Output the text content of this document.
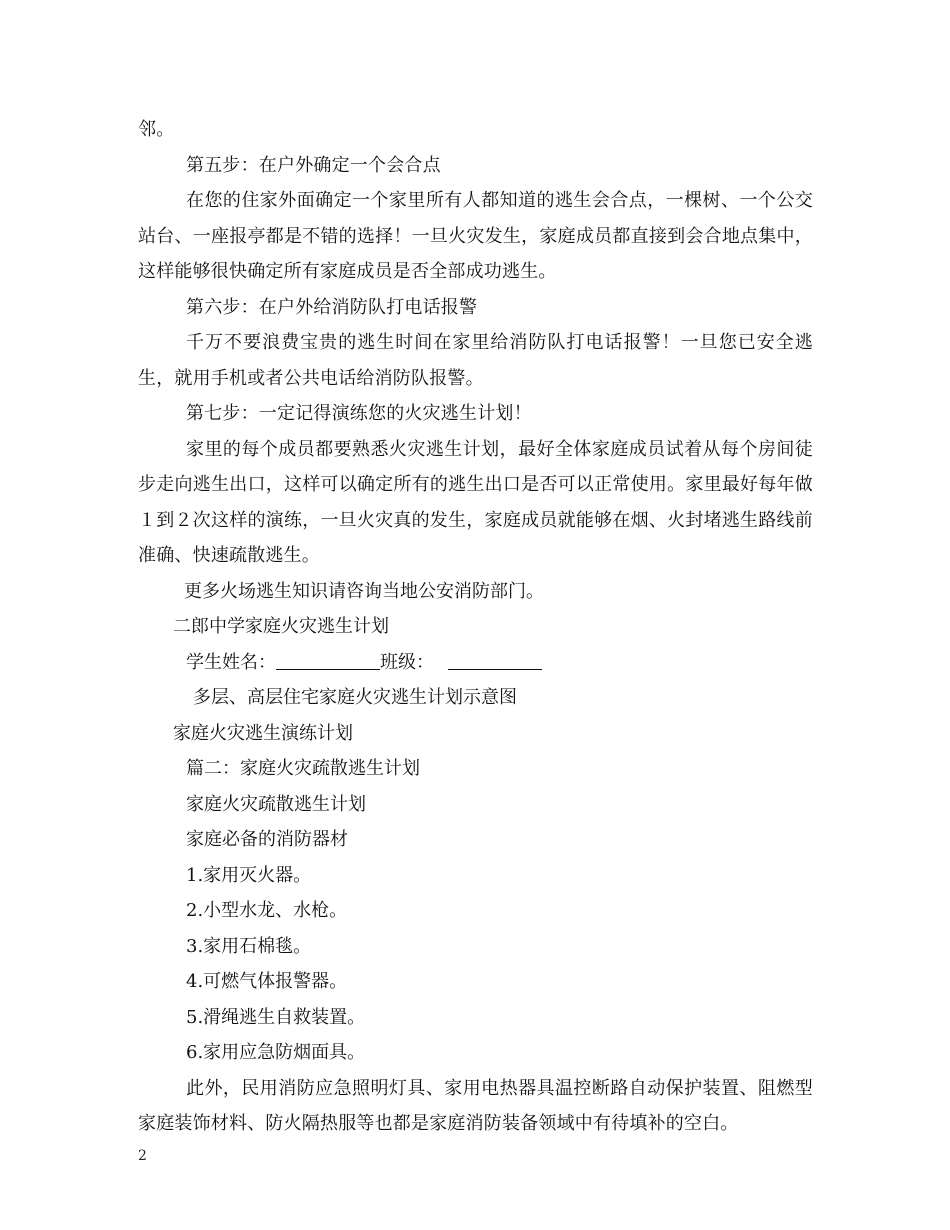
邻。

第五步：在户外确定一个会合点

在您的住家外面确定一个家里所有人都知道的逃生会合点，一棵树、一个公交站台、一座报亭都是不错的选择！一旦火灾发生，家庭成员都直接到会合地点集中，这样能够很快确定所有家庭成员是否全部成功逃生。

第六步：在户外给消防队打电话报警

千万不要浪费宝贵的逃生时间在家里给消防队打电话报警！一旦您已安全逃生，就用手机或者公共电话给消防队报警。

第七步：一定记得演练您的火灾逃生计划！

家里的每个成员都要熟悉火灾逃生计划，最好全体家庭成员试着从每个房间徒步走向逃生出口，这样可以确定所有的逃生出口是否可以正常使用。家里最好每年做１到２次这样的演练，一旦火灾真的发生，家庭成员就能够在烟、火封堵逃生路线前准确、快速疏散逃生。

更多火场逃生知识请咨询当地公安消防部门。

二郎中学家庭火灾逃生计划

学生姓名：	班级：

多层、高层住宅家庭火灾逃生计划示意图

家庭火灾逃生演练计划

篇二：家庭火灾疏散逃生计划

家庭火灾疏散逃生计划

家庭必备的消防器材

1.家用灭火器。

2.小型水龙、水枪。

3.家用石棉毯。

4.可燃气体报警器。

5.滑绳逃生自救装置。

6.家用应急防烟面具。

此外，民用消防应急照明灯具、家用电热器具温控断路自动保护装置、阻燃型家庭装饰材料、防火隔热服等也都是家庭消防装备领域中有待填补的空白。

2
